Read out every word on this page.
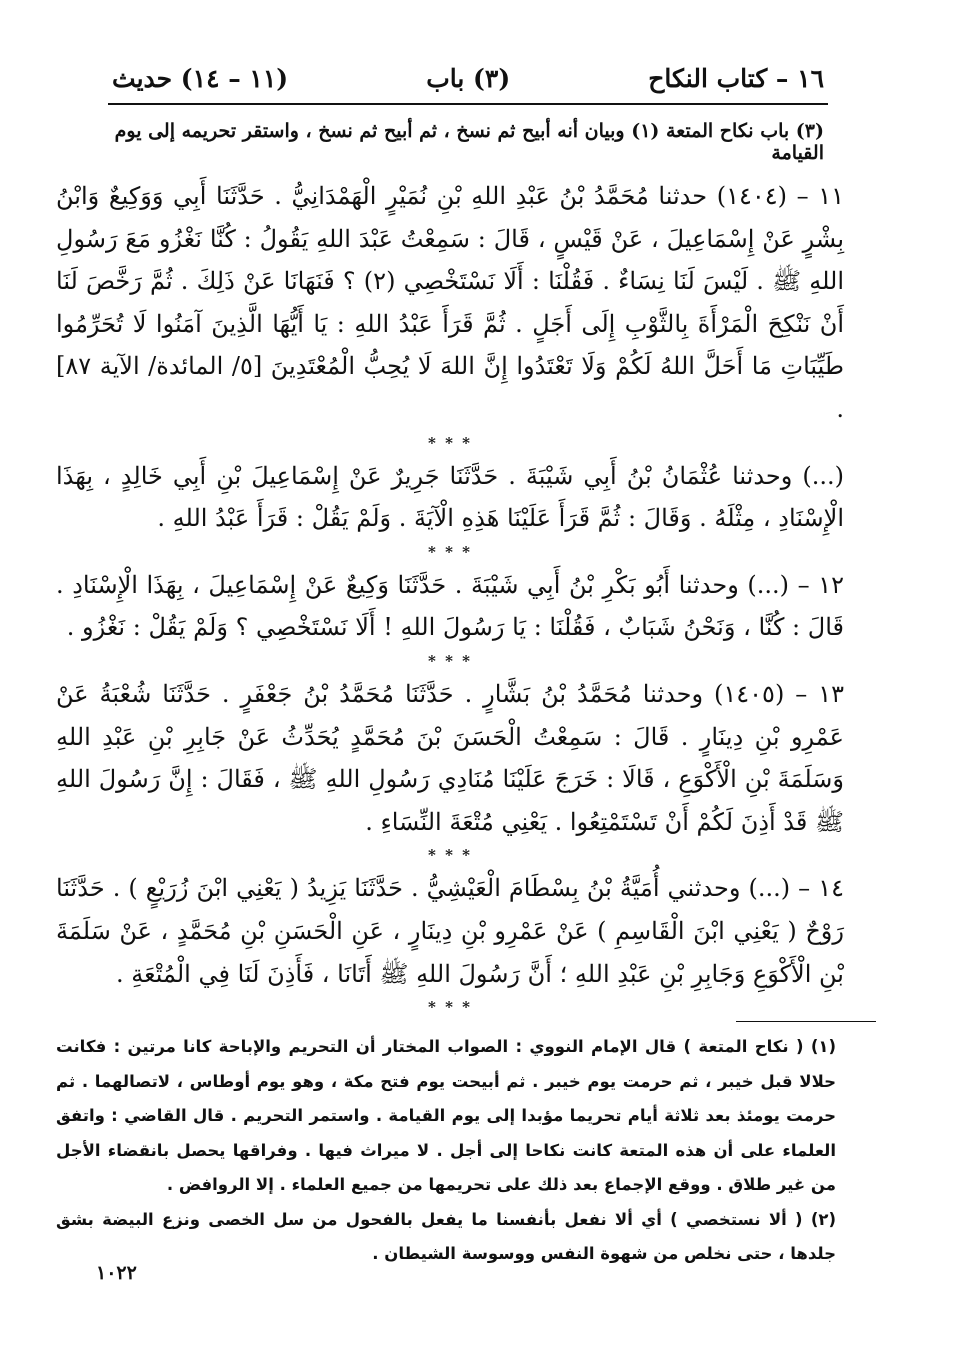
١٦ – كتاب النكاح
(٣) باب
(١١ – ١٤) حديث
(٣) باب نكاح المتعة (١) وبيان أنه أبيح ثم نسخ ، ثم أبيح ثم نسخ ، واستقر تحريمه إلى يوم القيامة

١١ – (١٤٠٤) حدثنا مُحَمَّدُ بْنُ عَبْدِ اللهِ بْنِ نُمَيْرٍ الْهَمْدَانِيُّ . حَدَّثَنَا أَبِي وَوَكِيعٌ وَابْنُ بِشْرٍ عَنْ إِسْمَاعِيلَ ، عَنْ قَيْسٍ ، قَالَ : سَمِعْتُ عَبْدَ اللهِ يَقُولُ : كُنَّا نَغْزُو مَعَ رَسُولِ اللهِ ﷺ . لَيْسَ لَنَا نِسَاءٌ . فَقُلْنَا : أَلَا نَسْتَخْصِي (٢) ؟ فَنَهَانَا عَنْ ذَلِكَ . ثُمَّ رَخَّصَ لَنَا أَنْ نَنْكِحَ الْمَرْأَةَ بِالثَّوْبِ إِلَى أَجَلٍ . ثُمَّ قَرَأَ عَبْدُ اللهِ : يَا أَيُّهَا الَّذِينَ آمَنُوا لَا تُحَرِّمُوا طَيِّبَاتِ مَا أَحَلَّ اللهُ لَكُمْ وَلَا تَعْتَدُوا إِنَّ اللهَ لَا يُحِبُّ الْمُعْتَدِينَ [٥/ المائدة/ الآية ٨٧] .

* * *

(...) وحدثنا عُثْمَانُ بْنُ أَبِي شَيْبَةَ . حَدَّثَنَا جَرِيرٌ عَنْ إِسْمَاعِيلَ بْنِ أَبِي خَالِدٍ ، بِهَذَا الْإِسْنَادِ ، مِثْلَهُ . وَقَالَ : ثُمَّ قَرَأَ عَلَيْنَا هَذِهِ الْآيَةَ . وَلَمْ يَقُلْ : قَرَأَ عَبْدُ اللهِ .

* * *

١٢ – (...) وحدثنا أَبُو بَكْرِ بْنُ أَبِي شَيْبَةَ . حَدَّثَنَا وَكِيعٌ عَنْ إِسْمَاعِيلَ ، بِهَذَا الْإِسْنَادِ . قَالَ : كُنَّا ، وَنَحْنُ شَبَابٌ ، فَقُلْنَا : يَا رَسُولَ اللهِ ! أَلَا نَسْتَخْصِي ؟ وَلَمْ يَقُلْ : نَغْزُو .

* * *

١٣ – (١٤٠٥) وحدثنا مُحَمَّدُ بْنُ بَشَّارٍ . حَدَّثَنَا مُحَمَّدُ بْنُ جَعْفَرٍ . حَدَّثَنَا شُعْبَةُ عَنْ عَمْرِو بْنِ دِينَارٍ . قَالَ : سَمِعْتُ الْحَسَنَ بْنَ مُحَمَّدٍ يُحَدِّثُ عَنْ جَابِرِ بْنِ عَبْدِ اللهِ وَسَلَمَةَ بْنِ الْأَكْوَعِ ، قَالَا : خَرَجَ عَلَيْنَا مُنَادِي رَسُولِ اللهِ ﷺ ، فَقَالَ : إِنَّ رَسُولَ اللهِ ﷺ قَدْ أَذِنَ لَكُمْ أَنْ تَسْتَمْتِعُوا . يَعْنِي مُتْعَةَ النِّسَاءِ .

* * *

١٤ – (...) وحدثني أُمَيَّةُ بْنُ بِسْطَامَ الْعَيْشِيُّ . حَدَّثَنَا يَزِيدُ ( يَعْنِي ابْنَ زُرَيْعٍ ) . حَدَّثَنَا رَوْحٌ ( يَعْنِي ابْنَ الْقَاسِمِ ) عَنْ عَمْرِو بْنِ دِينَارٍ ، عَنِ الْحَسَنِ بْنِ مُحَمَّدٍ ، عَنْ سَلَمَةَ بْنِ الْأَكْوَعِ وَجَابِرِ بْنِ عَبْدِ اللهِ ؛ أَنَّ رَسُولَ اللهِ ﷺ أَتَانَا ، فَأَذِنَ لَنَا فِي الْمُتْعَةِ .

* * *

(١) ( نكاح المتعة ) قال الإمام النووي : الصواب المختار أن التحريم والإباحة كانا مرتين : فكانت حلالا قبل خيبر ، ثم حرمت يوم خيبر . ثم أبيحت يوم فتح مكة ، وهو يوم أوطاس ، لاتصالهما . ثم حرمت يومئذ بعد ثلاثة أيام تحريما مؤبدا إلى يوم القيامة . واستمر التحريم . قال القاضي : واتفق العلماء على أن هذه المتعة كانت نكاحا إلى أجل . لا ميراث فيها . وفراقها يحصل بانقضاء الأجل من غير طلاق . ووقع الإجماع بعد ذلك على تحريمها من جميع العلماء . إلا الروافض .

(٢) ( ألا نستخصي ) أي ألا نفعل بأنفسنا ما يفعل بالفحول من سل الخصى ونزع البيضة بشق جلدها ، حتى نخلص من شهوة النفس ووسوسة الشيطان .

١٠٢٢
